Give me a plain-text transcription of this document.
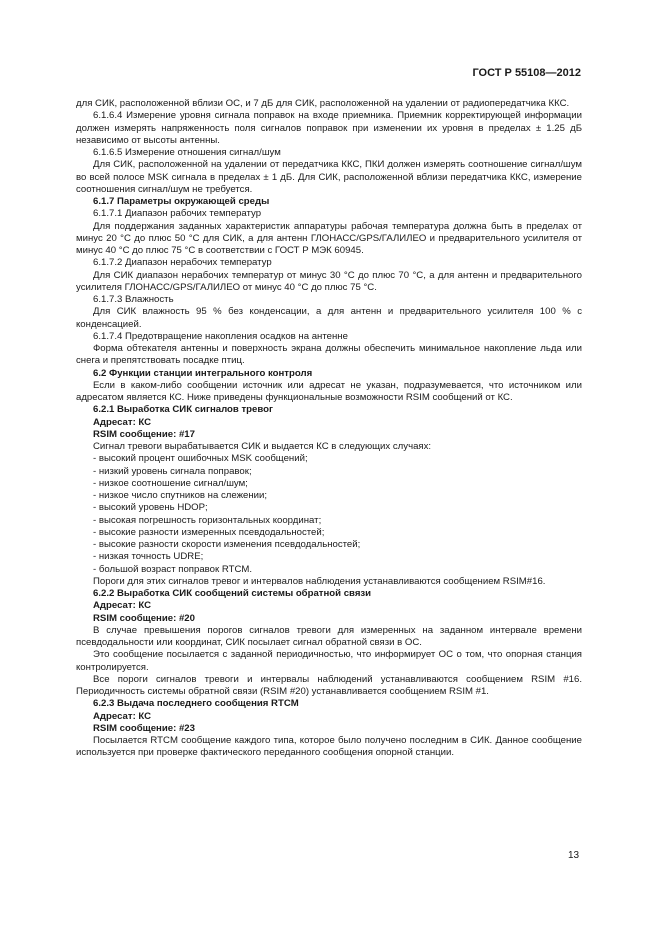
ГОСТ Р 55108—2012

для СИК, расположенной вблизи ОС, и 7 дБ для СИК, расположенной на удалении от радиопередатчика ККС.

6.1.6.4 Измерение уровня сигнала поправок на входе приемника. Приемник корректирующей информации должен измерять напряженность поля сигналов поправок при изменении их уровня в пределах ± 1.25 дБ независимо от высоты антенны.

6.1.6.5 Измерение отношения сигнал/шум

Для СИК, расположенной на удалении от передатчика ККС, ПКИ должен измерять соотношение сигнал/шум во всей полосе MSK сигнала в пределах ± 1 дБ. Для СИК, расположенной вблизи передатчика ККС, измерение соотношения сигнал/шум не требуется.

6.1.7 Параметры окружающей среды

6.1.7.1 Диапазон рабочих температур

Для поддержания заданных характеристик аппаратуры рабочая температура должна быть в пределах от минус 20 °С до плюс 50 °С для СИК, а для антенн ГЛОНАСС/GPS/ГАЛИЛЕО и предварительного усилителя от минус 40 °С до плюс 75 °С в соответствии с ГОСТ Р МЭК 60945.

6.1.7.2 Диапазон нерабочих температур

Для СИК диапазон нерабочих температур от минус 30 °С до плюс 70 °С, а для антенн и предварительного усилителя ГЛОНАСС/GPS/ГАЛИЛЕО от минус 40 °С до плюс 75 °С.

6.1.7.3 Влажность

Для СИК влажность 95 % без конденсации, а для антенн и предварительного усилителя 100 % с конденсацией.

6.1.7.4 Предотвращение накопления осадков на антенне

Форма обтекателя антенны и поверхность экрана должны обеспечить минимальное накопление льда или снега и препятствовать посадке птиц.

6.2 Функции станции интегрального контроля

Если в каком-либо сообщении источник или адресат не указан, подразумевается, что источником или адресатом является КС. Ниже приведены функциональные возможности RSIM сообщений от КС.

6.2.1 Выработка СИК сигналов тревог

Адресат: КС

RSIM сообщение: #17

Сигнал тревоги вырабатывается СИК и выдается КС в следующих случаях:

- высокий процент ошибочных MSK сообщений;

- низкий уровень сигнала поправок;

- низкое соотношение сигнал/шум;

- низкое число спутников на слежении;

- высокий уровень HDOP;

- высокая погрешность горизонтальных координат;

- высокие разности измеренных псевдодальностей;

- высокие разности скорости изменения псевдодальностей;

- низкая точность UDRE;

- большой возраст поправок RTCM.

Пороги для этих сигналов тревог и интервалов наблюдения устанавливаются сообщением RSIM#16.

6.2.2 Выработка СИК сообщений системы обратной связи

Адресат: КС

RSIM сообщение: #20

В случае превышения порогов сигналов тревоги для измеренных на заданном интервале времени псевдодальности или координат, СИК посылает сигнал обратной связи в ОС.

Это сообщение посылается с заданной периодичностью, что информирует ОС о том, что опорная станция контролируется.

Все пороги сигналов тревоги и интервалы наблюдений устанавливаются сообщением RSIM #16. Периодичность системы обратной связи (RSIM #20) устанавливается сообщением RSIM #1.

6.2.3 Выдача последнего сообщения RTCM

Адресат: КС

RSIM сообщение: #23

Посылается RTCM сообщение каждого типа, которое было получено последним в СИК. Данное сообщение используется при проверке фактического переданного сообщения опорной станции.

13
